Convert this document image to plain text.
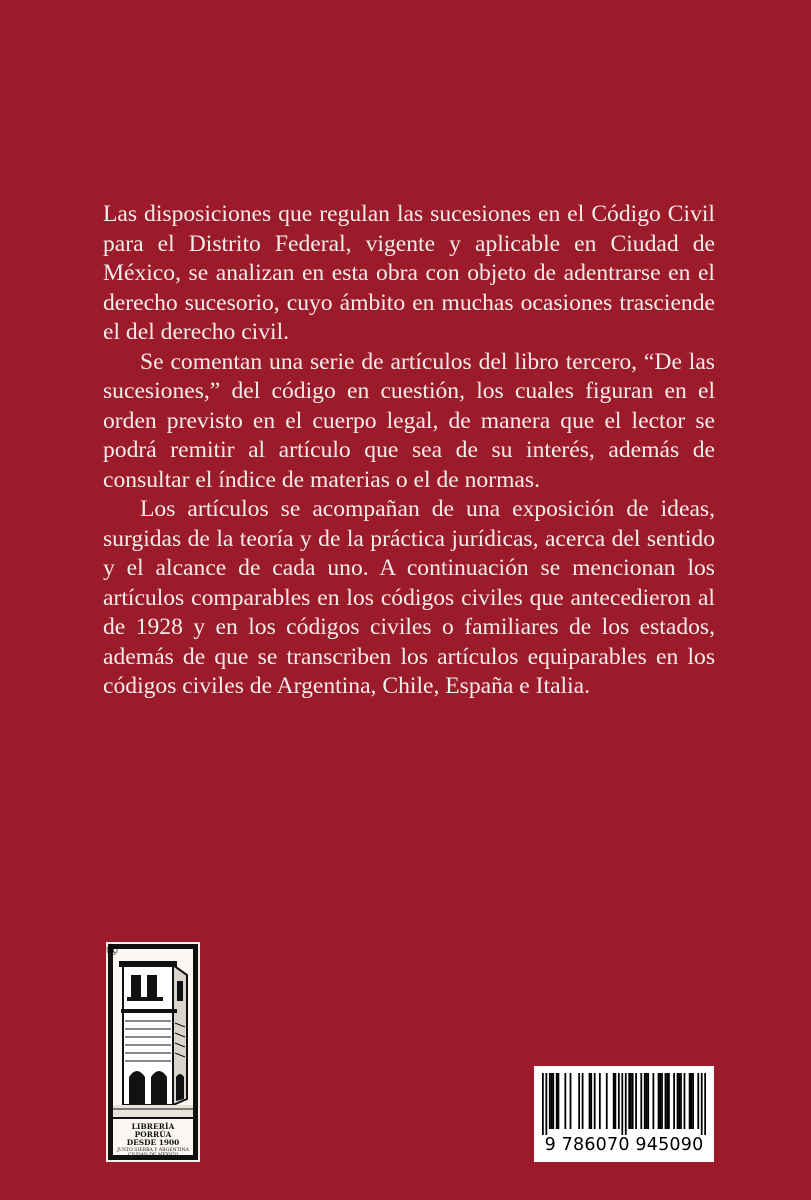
Las disposiciones que regulan las sucesiones en el Código Civil para el Distrito Federal, vigente y aplicable en Ciudad de México, se analizan en esta obra con objeto de adentrarse en el derecho sucesorio, cuyo ámbito en muchas ocasiones trasciende el del derecho civil.

Se comentan una serie de artículos del libro tercero, “De las sucesiones,” del código en cuestión, los cuales figuran en el orden previsto en el cuerpo legal, de manera que el lector se podrá remitir al artículo que sea de su interés, además de consultar el índice de materias o el de normas.

Los artículos se acompañan de una exposición de ideas, surgidas de la teoría y de la práctica jurídicas, acerca del sentido y el alcance de cada uno. A continuación se mencionan los artículos comparables en los códigos civiles que antecedieron al de 1928 y en los códigos civiles o familiares de los estados, además de que se transcriben los artículos equiparables en los códigos civiles de Argentina, Chile, España e Italia.

LIBRERÍA PORRÚA
DESDE 1900
JUSTO SIERRA Y ARGENTINA
CIUDAD DE MÉXICO
®
9 786070 945090
